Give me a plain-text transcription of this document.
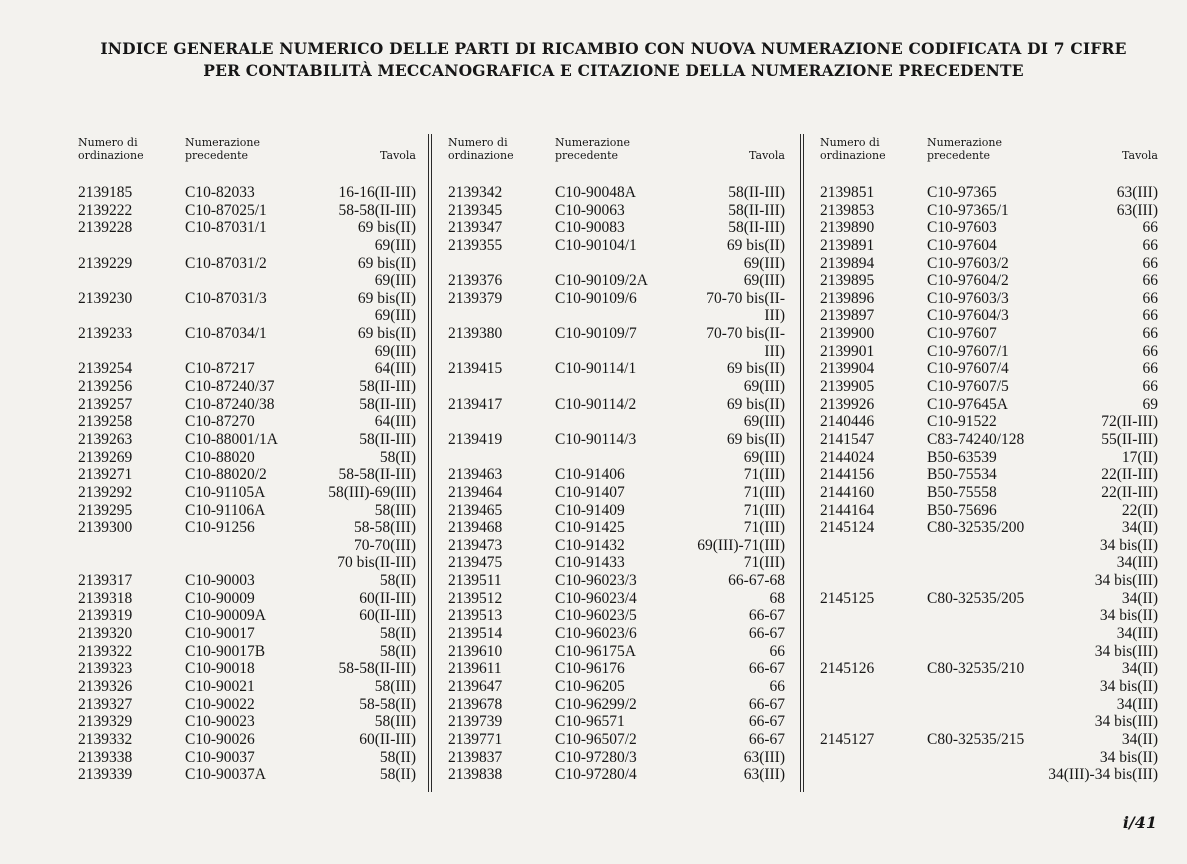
INDICE GENERALE NUMERICO DELLE PARTI DI RICAMBIO CON NUOVA NUMERAZIONE CODIFICATA DI 7 CIFRE
PER CONTABILITÀ MECCANOGRAFICA E CITAZIONE DELLA NUMERAZIONE PRECEDENTE
Numero di
ordinazione
Numerazione
precedente	Tavola
2139185	C10-82033	16-16(II-III)
2139222	C10-87025/1	58-58(II-III)
2139228	C10-87031/1	69 bis(II)
69(III)
2139229	C10-87031/2	69 bis(II)
69(III)
2139230	C10-87031/3	69 bis(II)
69(III)
2139233	C10-87034/1	69 bis(II)
69(III)
2139254	C10-87217	64(III)
2139256	C10-87240/37	58(II-III)
2139257	C10-87240/38	58(II-III)
2139258	C10-87270	64(III)
2139263	C10-88001/1A	58(II-III)
2139269	C10-88020	58(II)
2139271	C10-88020/2	58-58(II-III)
2139292	C10-91105A	58(III)-69(III)
2139295	C10-91106A	58(III)
2139300	C10-91256	58-58(III)
70-70(III)
70 bis(II-III)
2139317	C10-90003	58(II)
2139318	C10-90009	60(II-III)
2139319	C10-90009A	60(II-III)
2139320	C10-90017	58(II)
2139322	C10-90017B	58(II)
2139323	C10-90018	58-58(II-III)
2139326	C10-90021	58(III)
2139327	C10-90022	58-58(II)
2139329	C10-90023	58(III)
2139332	C10-90026	60(II-III)
2139338	C10-90037	58(II)
2139339	C10-90037A	58(II)
Numero di
ordinazione
Numerazione
precedente	Tavola
2139342	C10-90048A	58(II-III)
2139345	C10-90063	58(II-III)
2139347	C10-90083	58(II-III)
2139355	C10-90104/1	69 bis(II)
69(III)
2139376	C10-90109/2A	69(III)
2139379	C10-90109/6	70-70 bis(II-
III)
2139380	C10-90109/7	70-70 bis(II-
III)
2139415	C10-90114/1	69 bis(II)
69(III)
2139417	C10-90114/2	69 bis(II)
69(III)
2139419	C10-90114/3	69 bis(II)
69(III)
2139463	C10-91406	71(III)
2139464	C10-91407	71(III)
2139465	C10-91409	71(III)
2139468	C10-91425	71(III)
2139473	C10-91432	69(III)-71(III)
2139475	C10-91433	71(III)
2139511	C10-96023/3	66-67-68
2139512	C10-96023/4	68
2139513	C10-96023/5	66-67
2139514	C10-96023/6	66-67
2139610	C10-96175A	66
2139611	C10-96176	66-67
2139647	C10-96205	66
2139678	C10-96299/2	66-67
2139739	C10-96571	66-67
2139771	C10-96507/2	66-67
2139837	C10-97280/3	63(III)
2139838	C10-97280/4	63(III)
Numero di
ordinazione
Numerazione
precedente	Tavola
2139851	C10-97365	63(III)
2139853	C10-97365/1	63(III)
2139890	C10-97603	66
2139891	C10-97604	66
2139894	C10-97603/2	66
2139895	C10-97604/2	66
2139896	C10-97603/3	66
2139897	C10-97604/3	66
2139900	C10-97607	66
2139901	C10-97607/1	66
2139904	C10-97607/4	66
2139905	C10-97607/5	66
2139926	C10-97645A	69
2140446	C10-91522	72(II-III)
2141547	C83-74240/128	55(II-III)
2144024	B50-63539	17(II)
2144156	B50-75534	22(II-III)
2144160	B50-75558	22(II-III)
2144164	B50-75696	22(II)
2145124	C80-32535/200	34(II)
34 bis(II)
34(III)
34 bis(III)
2145125	C80-32535/205	34(II)
34 bis(II)
34(III)
34 bis(III)
2145126	C80-32535/210	34(II)
34 bis(II)
34(III)
34 bis(III)
2145127	C80-32535/215	34(II)
34 bis(II)
34(III)-34 bis(III)
i/41
